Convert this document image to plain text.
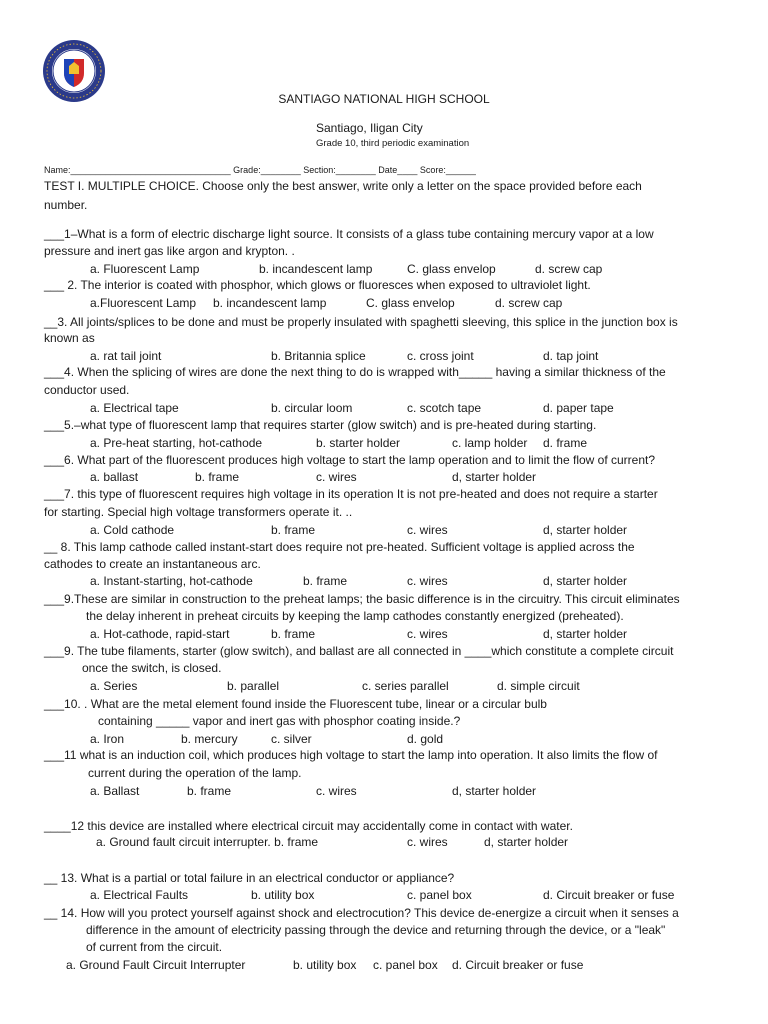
SANTIAGO NATIONAL HIGH SCHOOL
Santiago, Iligan City
Grade 10, third periodic examination
Name:________________________________ Grade:________ Section:________ Date____ Score:______
TEST I. MULTIPLE CHOICE. Choose only the best answer, write only a letter on the space provided before each
number.
___1–What is a form of electric discharge light source. It consists of a glass tube containing mercury vapor at a low
pressure and inert gas like argon and krypton. .
a. Fluorescent Lamp	b. incandescent lamp	C. glass envelop	d. screw cap
___ 2. The interior is coated with phosphor, which glows or fluoresces when exposed to ultraviolet light.
a.Fluorescent Lamp b. incandescent lamp	C. glass envelop	d. screw cap
__3. All joints/splices to be done and must be properly insulated with spaghetti sleeving, this splice in the junction box is
known as
a. rat tail joint	b. Britannia splice	c. cross joint	d. tap joint
___4. When the splicing of wires are done the next thing to do is wrapped with_____ having a similar thickness of the
conductor used.
a. Electrical tape	b. circular loom	c. scotch tape	d. paper tape
___5.–what type of fluorescent lamp that requires starter (glow switch) and is pre-heated during starting.
a. Pre-heat starting, hot-cathode	b. starter holder	c. lamp holder d. frame
___6. What part of the fluorescent produces high voltage to start the lamp operation and to limit the flow of current?
a. ballast	b. frame	c. wires	d, starter holder
___7. this type of fluorescent requires high voltage in its operation It is not pre-heated and does not require a starter
for starting. Special high voltage transformers operate it. ..
a. Cold cathode	b. frame	c. wires	d, starter holder
__ 8. This lamp cathode called instant-start does require not pre-heated. Sufficient voltage is applied across the
cathodes to create an instantaneous arc.
a. Instant-starting, hot-cathode	b. frame	c. wires	d, starter holder
___9.These are similar in construction to the preheat lamps; the basic difference is in the circuitry. This circuit eliminates
the delay inherent in preheat circuits by keeping the lamp cathodes constantly energized (preheated).
a. Hot-cathode, rapid-start	b. frame	c. wires	d, starter holder
___9. The tube filaments, starter (glow switch), and ballast are all connected in ____which constitute a complete circuit
once the switch, is closed.
a. Series	b. parallel	c. series parallel	d. simple circuit
___10. . What are the metal element found inside the Fluorescent tube, linear or a circular bulb
containing _____ vapor and inert gas with phosphor coating inside.?
a. Iron	b. mercury	c. silver	d. gold
___11 what is an induction coil, which produces high voltage to start the lamp into operation. It also limits the flow of
current during the operation of the lamp.
a. Ballast	b. frame	c. wires	d, starter holder
____12 this device are installed where electrical circuit may accidentally come in contact with water.
a. Ground fault circuit interrupter. b. frame	c. wires	d, starter holder
__ 13. What is a partial or total failure in an electrical conductor or appliance?
a. Electrical Faults	b. utility box	c. panel box	d. Circuit breaker or fuse
__ 14. How will you protect yourself against shock and electrocution? This device de-energize a circuit when it senses a
difference in the amount of electricity passing through the device and returning through the device, or a "leak"
of current from the circuit.
a. Ground Fault Circuit Interrupter	b. utility box c. panel box d. Circuit breaker or fuse
